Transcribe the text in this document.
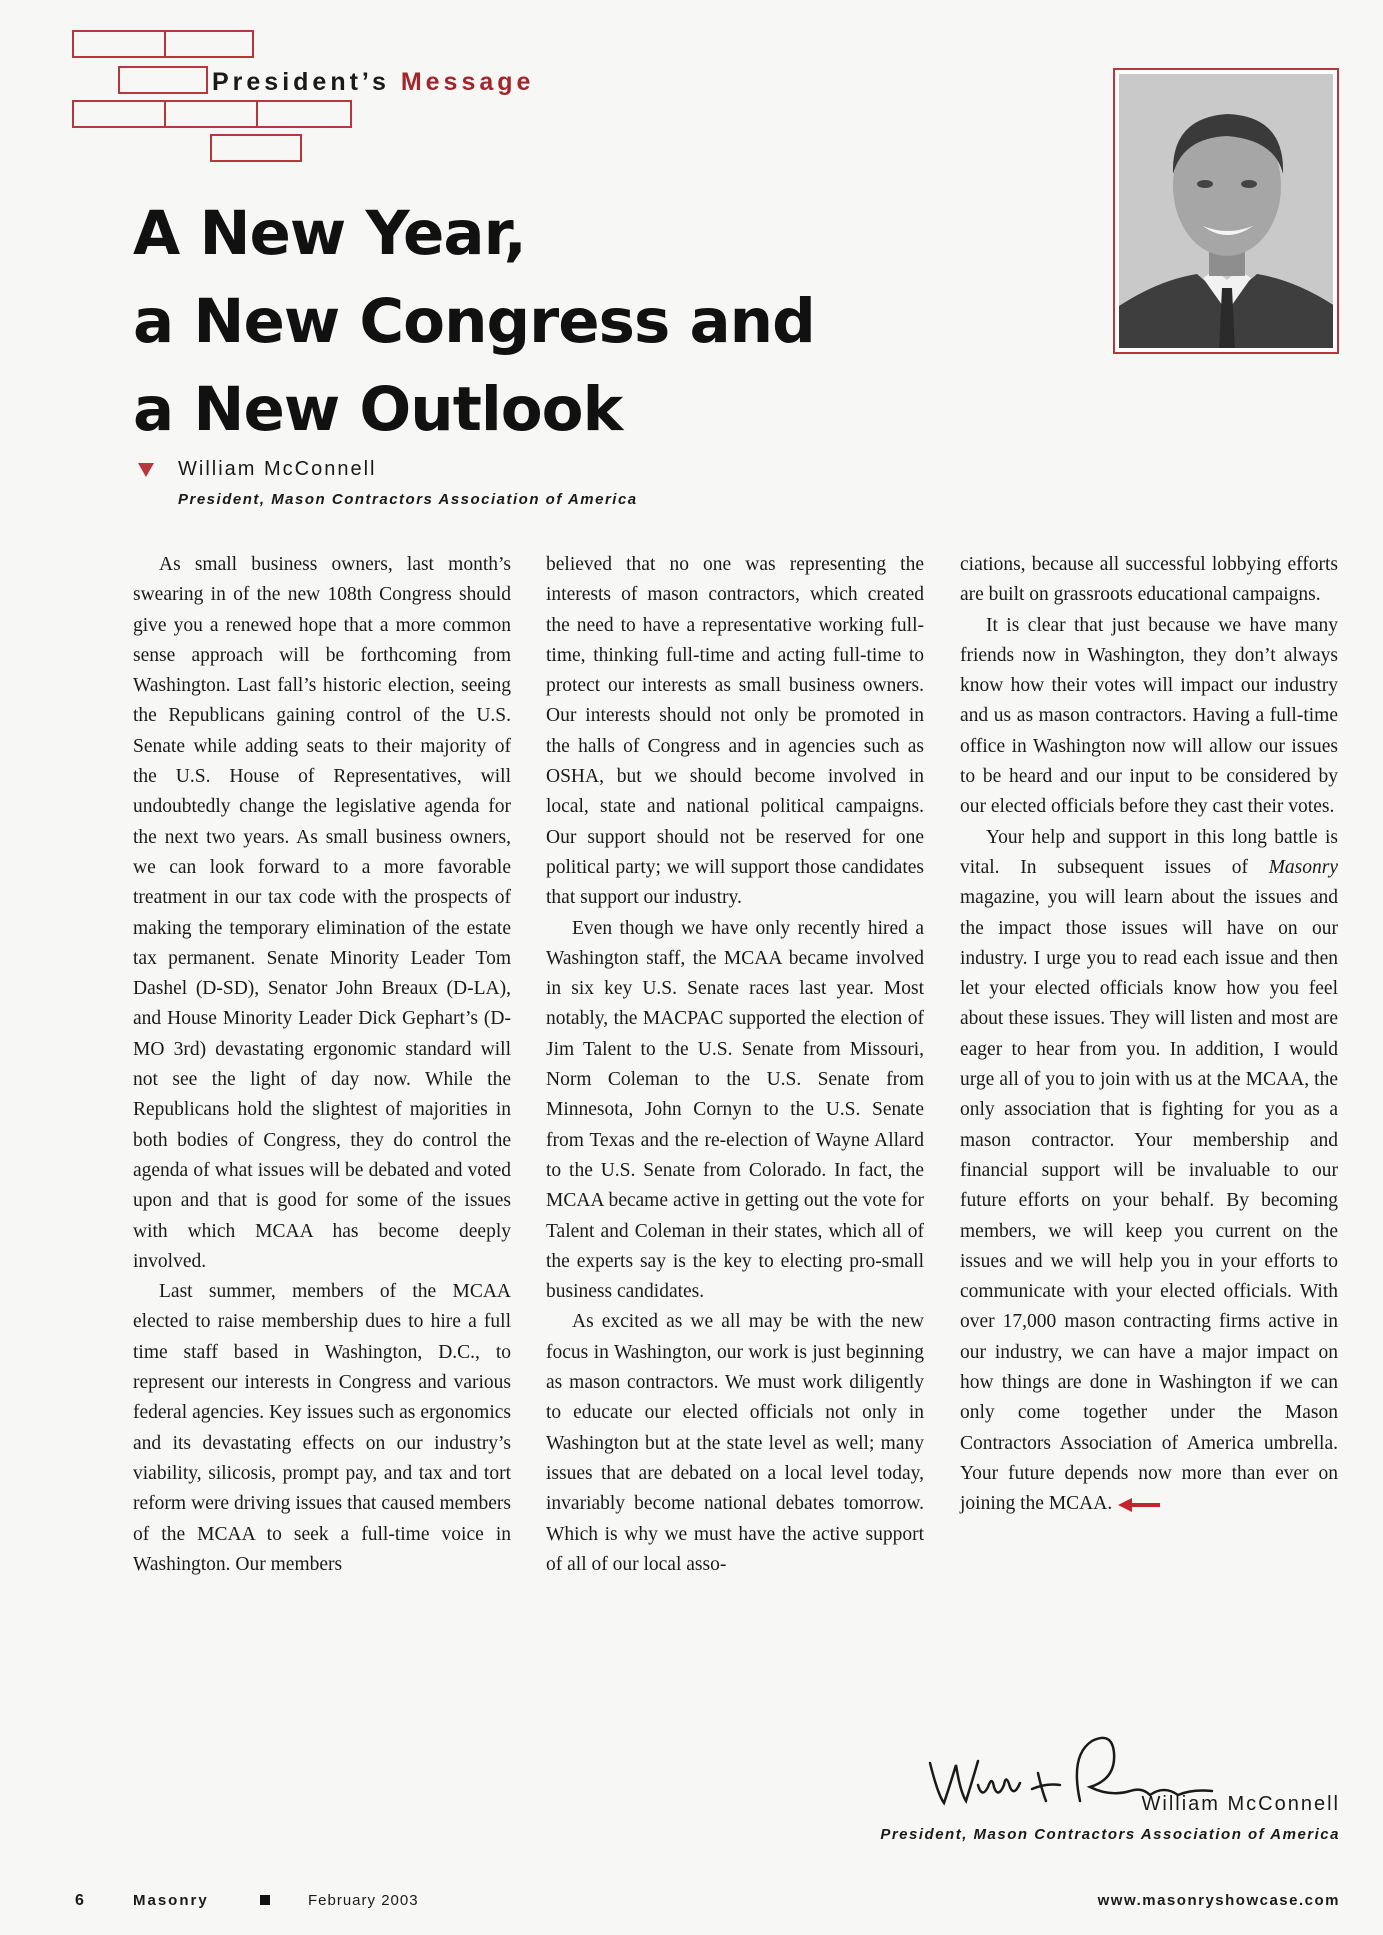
President’s Message
A New Year,
a New Congress and
a New Outlook
William McConnell
President, Mason Contractors Association of America

As small business owners, last month’s swearing in of the new 108th Congress should give you a renewed hope that a more common sense approach will be forthcoming from Washington. Last fall’s historic election, seeing the Republicans gaining control of the U.S. Senate while adding seats to their majority of the U.S. House of Representatives, will undoubtedly change the legislative agenda for the next two years. As small business owners, we can look forward to a more favorable treatment in our tax code with the prospects of making the temporary elimination of the estate tax permanent. Senate Minority Leader Tom Dashel (D-SD), Senator John Breaux (D-LA), and House Minority Leader Dick Gephart’s (D-MO 3rd) devastating ergonomic standard will not see the light of day now. While the Republicans hold the slightest of majorities in both bodies of Congress, they do control the agenda of what issues will be debated and voted upon and that is good for some of the issues with which MCAA has become deeply involved.

Last summer, members of the MCAA elected to raise membership dues to hire a full time staff based in Washington, D.C., to represent our interests in Congress and various federal agencies. Key issues such as ergonomics and its devastating effects on our industry’s viability, silicosis, prompt pay, and tax and tort reform were driving issues that caused members of the MCAA to seek a full-time voice in Washington. Our members

believed that no one was representing the interests of mason contractors, which created the need to have a representative working full-time, thinking full-time and acting full-time to protect our interests as small business owners. Our interests should not only be promoted in the halls of Congress and in agencies such as OSHA, but we should become involved in local, state and national political campaigns. Our support should not be reserved for one political party; we will support those candidates that support our industry.

Even though we have only recently hired a Washington staff, the MCAA became involved in six key U.S. Senate races last year. Most notably, the MACPAC supported the election of Jim Talent to the U.S. Senate from Missouri, Norm Coleman to the U.S. Senate from Minnesota, John Cornyn to the U.S. Senate from Texas and the re-election of Wayne Allard to the U.S. Senate from Colorado. In fact, the MCAA became active in getting out the vote for Talent and Coleman in their states, which all of the experts say is the key to electing pro-small business candidates.

As excited as we all may be with the new focus in Washington, our work is just beginning as mason contractors. We must work diligently to educate our elected officials not only in Washington but at the state level as well; many issues that are debated on a local level today, invariably become national debates tomorrow. Which is why we must have the active support of all of our local asso-

ciations, because all successful lobbying efforts are built on grassroots educational campaigns.

It is clear that just because we have many friends now in Washington, they don’t always know how their votes will impact our industry and us as mason contractors. Having a full-time office in Washington now will allow our issues to be heard and our input to be considered by our elected officials before they cast their votes.

Your help and support in this long battle is vital. In subsequent issues of Masonry magazine, you will learn about the issues and the impact those issues will have on our industry. I urge you to read each issue and then let your elected officials know how you feel about these issues. They will listen and most are eager to hear from you. In addition, I would urge all of you to join with us at the MCAA, the only association that is fighting for you as a mason contractor. Your membership and financial support will be invaluable to our future efforts on your behalf. By becoming members, we will keep you current on the issues and we will help you in your efforts to communicate with your elected officials. With over 17,000 mason contracting firms active in our industry, we can have a major impact on how things are done in Washington if we can only come together under the Mason Contractors Association of America umbrella. Your future depends now more than ever on joining the MCAA.

William McConnell
President, Mason Contractors Association of America
6	Masonry	February 2003	www.masonryshowcase.com
